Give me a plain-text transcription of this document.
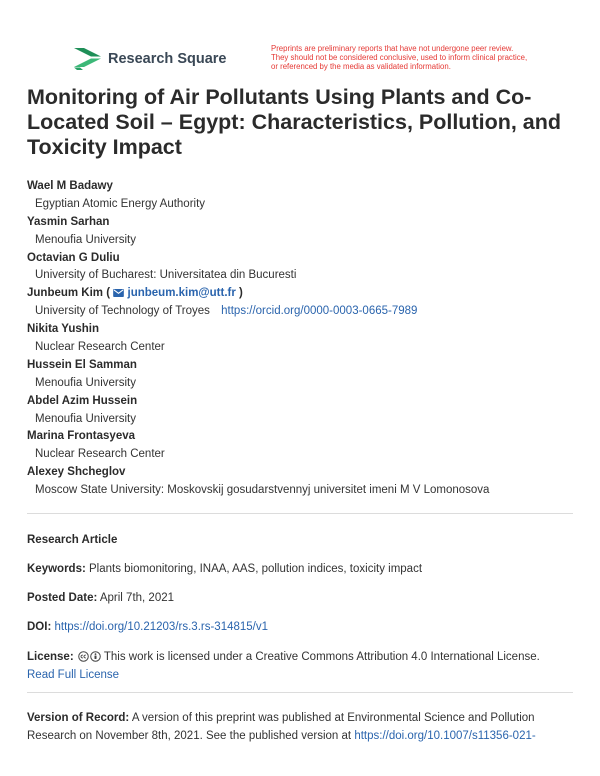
Research Square
Preprints are preliminary reports that have not undergone peer review.
They should not be considered conclusive, used to inform clinical practice,
or referenced by the media as validated information.
Monitoring of Air Pollutants Using Plants and Co-Located Soil – Egypt: Characteristics, Pollution, and Toxicity Impact
Wael M Badawy
Egyptian Atomic Energy Authority
Yasmin Sarhan
Menoufia University
Octavian G Duliu
University of Bucharest: Universitatea din Bucuresti
Junbeum Kim ( junbeum.kim@utt.fr )
University of Technology of Troyes https://orcid.org/0000-0003-0665-7989
Nikita Yushin
Nuclear Research Center
Hussein El Samman
Menoufia University
Abdel Azim Hussein
Menoufia University
Marina Frontasyeva
Nuclear Research Center
Alexey Shcheglov
Moscow State University: Moskovskij gosudarstvennyj universitet imeni M V Lomonosova
Research Article
Keywords: Plants biomonitoring, INAA, AAS, pollution indices, toxicity impact
Posted Date: April 7th, 2021
DOI: https://doi.org/10.21203/rs.3.rs-314815/v1
License:	This work is licensed under a Creative Commons Attribution 4.0 International License.
Read Full License
Version of Record: A version of this preprint was published at Environmental Science and Pollution Research on November 8th, 2021. See the published version at https://doi.org/10.1007/s11356-021-
